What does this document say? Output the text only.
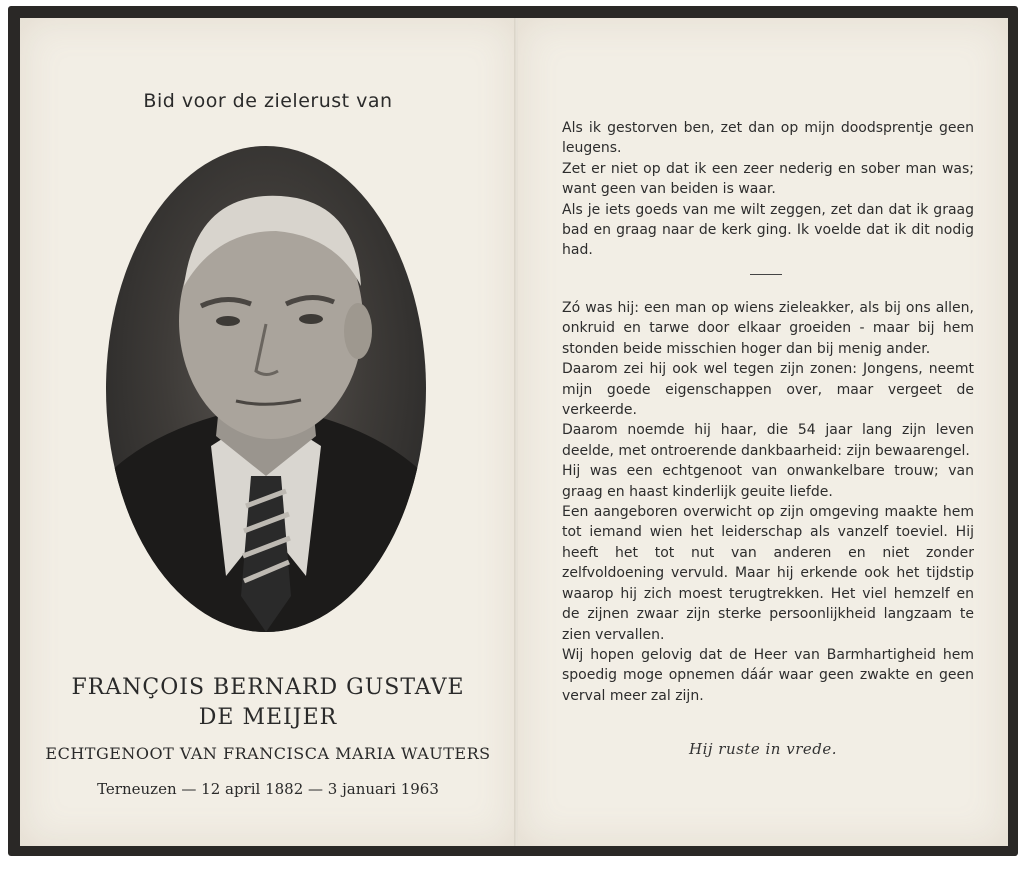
Bid voor de zielerust van
FRANÇOIS BERNARD GUSTAVE
DE MEIJER
ECHTGENOOT VAN FRANCISCA MARIA WAUTERS
Terneuzen — 12 april 1882 — 3 januari 1963

Als ik gestorven ben, zet dan op mijn doodsprentje geen leugens.

Zet er niet op dat ik een zeer nederig en sober man was; want geen van beiden is waar.

Als je iets goeds van me wilt zeggen, zet dan dat ik graag bad en graag naar de kerk ging. Ik voelde dat ik dit nodig had.

Zó was hij: een man op wiens zieleakker, als bij ons allen, onkruid en tarwe door elkaar groeiden - maar bij hem stonden beide misschien hoger dan bij menig ander.

Daarom zei hij ook wel tegen zijn zonen: Jongens, neemt mijn goede eigenschappen over, maar vergeet de verkeerde.

Daarom noemde hij haar, die 54 jaar lang zijn leven deelde, met ontroerende dankbaarheid: zijn bewaarengel.

Hij was een echtgenoot van onwankelbare trouw; van graag en haast kinderlijk geuite liefde.

Een aangeboren overwicht op zijn omgeving maakte hem tot iemand wien het leiderschap als vanzelf toeviel. Hij heeft het tot nut van anderen en niet zonder zelfvoldoening vervuld. Maar hij erkende ook het tijdstip waarop hij zich moest terugtrekken. Het viel hemzelf en de zijnen zwaar zijn sterke persoonlijkheid langzaam te zien vervallen.

Wij hopen gelovig dat de Heer van Barmhartigheid hem spoedig moge opnemen dáár waar geen zwakte en geen verval meer zal zijn.

Hij ruste in vrede.
